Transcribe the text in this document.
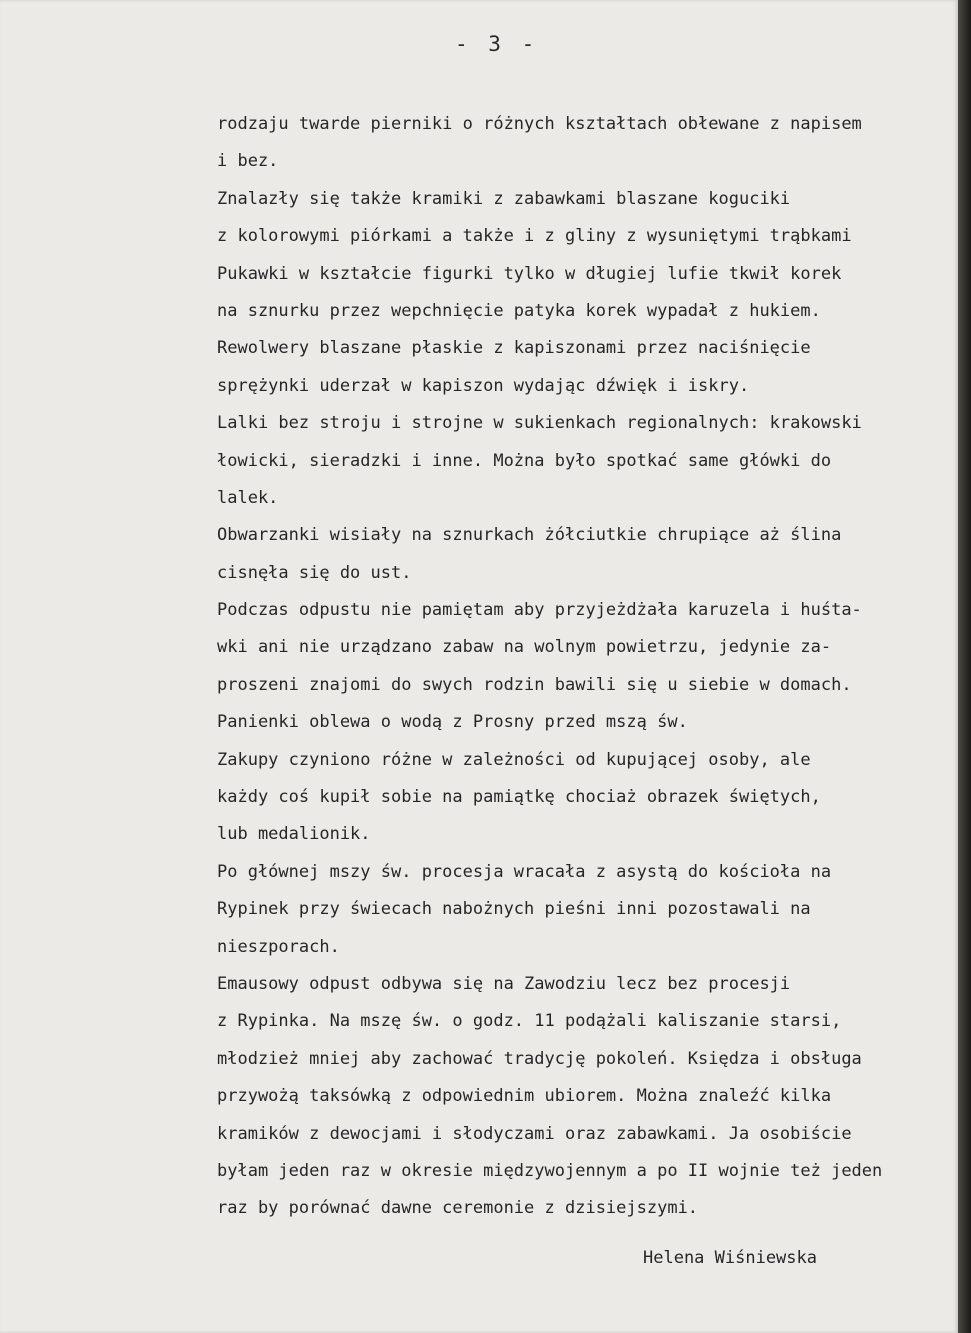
- 3 -
rodzaju twarde pierniki o różnych kształtach obłewane z napisem
i bez.
Znalazły się także kramiki z zabawkami blaszane koguciki
z kolorowymi piórkami a także i z gliny z wysuniętymi trąbkami
Pukawki w kształcie figurki tylko w długiej lufie tkwił korek
na sznurku przez wepchnięcie patyka korek wypadał z hukiem.
Rewolwery blaszane płaskie z kapiszonami przez naciśnięcie
sprężynki uderzał w kapiszon wydając dźwięk i iskry.
Lalki bez stroju i strojne w sukienkach regionalnych: krakowski
łowicki, sieradzki i inne. Można było spotkać same główki do
lalek.
Obwarzanki wisiały na sznurkach żółciutkie chrupiące aż ślina
cisnęła się do ust.
Podczas odpustu nie pamiętam aby przyjeżdżała karuzela i huśta-
wki ani nie urządzano zabaw na wolnym powietrzu, jedynie za-
proszeni znajomi do swych rodzin bawili się u siebie w domach.
Panienki oblewa o wodą z Prosny przed mszą św.
Zakupy czyniono różne w zależności od kupującej osoby, ale
każdy coś kupił sobie na pamiątkę chociaż obrazek świętych,
lub medalionik.
Po głównej mszy św. procesja wracała z asystą do kościoła na
Rypinek przy świecach nabożnych pieśni inni pozostawali na
nieszporach.
Emausowy odpust odbywa się na Zawodziu lecz bez procesji
z Rypinka. Na mszę św. o godz. 11 podążali kaliszanie starsi,
młodzież mniej aby zachować tradycję pokoleń. Księdza i obsługa
przywożą taksówką z odpowiednim ubiorem. Można znaleźć kilka
kramików z dewocjami i słodyczami oraz zabawkami. Ja osobiście
byłam jeden raz w okresie międzywojennym a po II wojnie też jeden
raz by porównać dawne ceremonie z dzisiejszymi.
Helena Wiśniewska
